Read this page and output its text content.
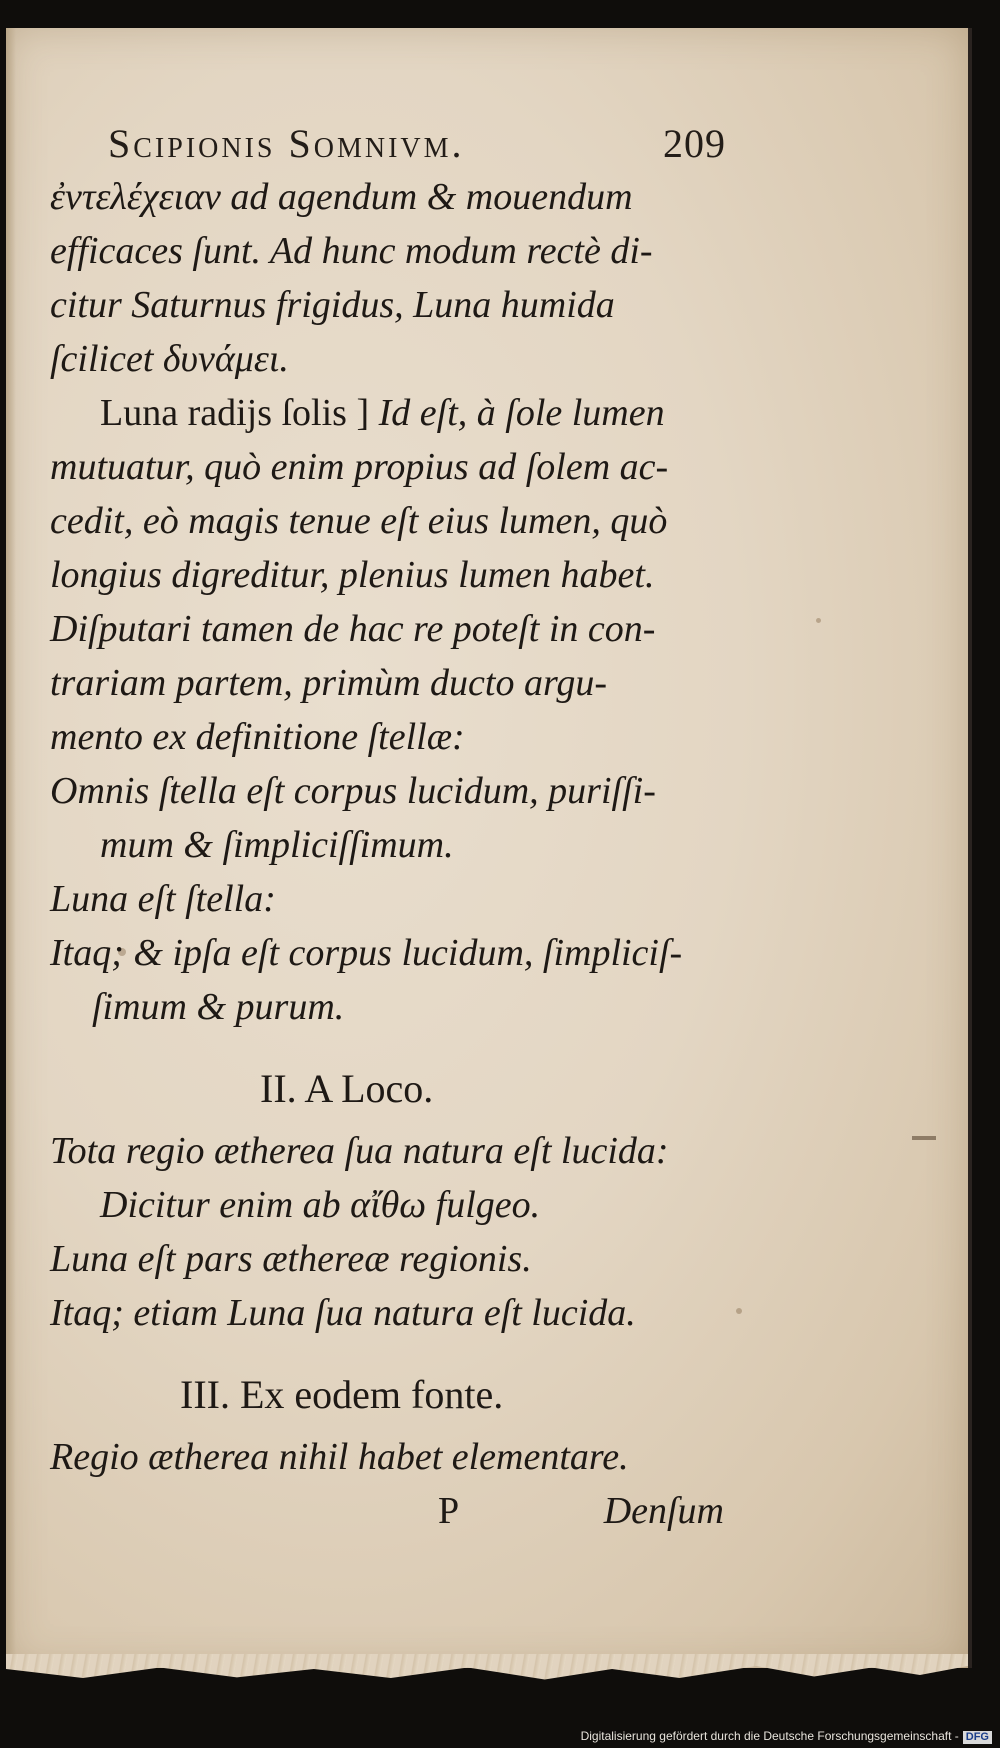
Scipionis Somnivm.	209
ἐντελέχειαν ad agendum & mouendum
efficaces ſunt. Ad hunc modum rectè di-
citur Saturnus frigidus, Luna humida
ſcilicet δυνάμει.
Luna radijs ſolis ] Id eſt, à ſole lumen
mutuatur, quò enim propius ad ſolem ac-
cedit, eò magis tenue eſt eius lumen, quò
longius digreditur, plenius lumen habet.
Diſputari tamen de hac re poteſt in con-
trariam partem, primùm ducto argu-
mento ex definitione ſtellæ:
Omnis ſtella eſt corpus lucidum, puriſſi-
mum & ſimpliciſſimum.
Luna eſt ſtella:
Itaq; & ipſa eſt corpus lucidum, ſimpliciſ-
ſimum & purum.
II. A Loco.
Tota regio ætherea ſua natura eſt lucida:
Dicitur enim ab αἴθω fulgeo.
Luna eſt pars æthereæ regionis.
Itaq; etiam Luna ſua natura eſt lucida.
III. Ex eodem fonte.
Regio ætherea nihil habet elementare.
P	Denſum
Digitalisierung gefördert durch die Deutsche Forschungsgemeinschaft - DFG
